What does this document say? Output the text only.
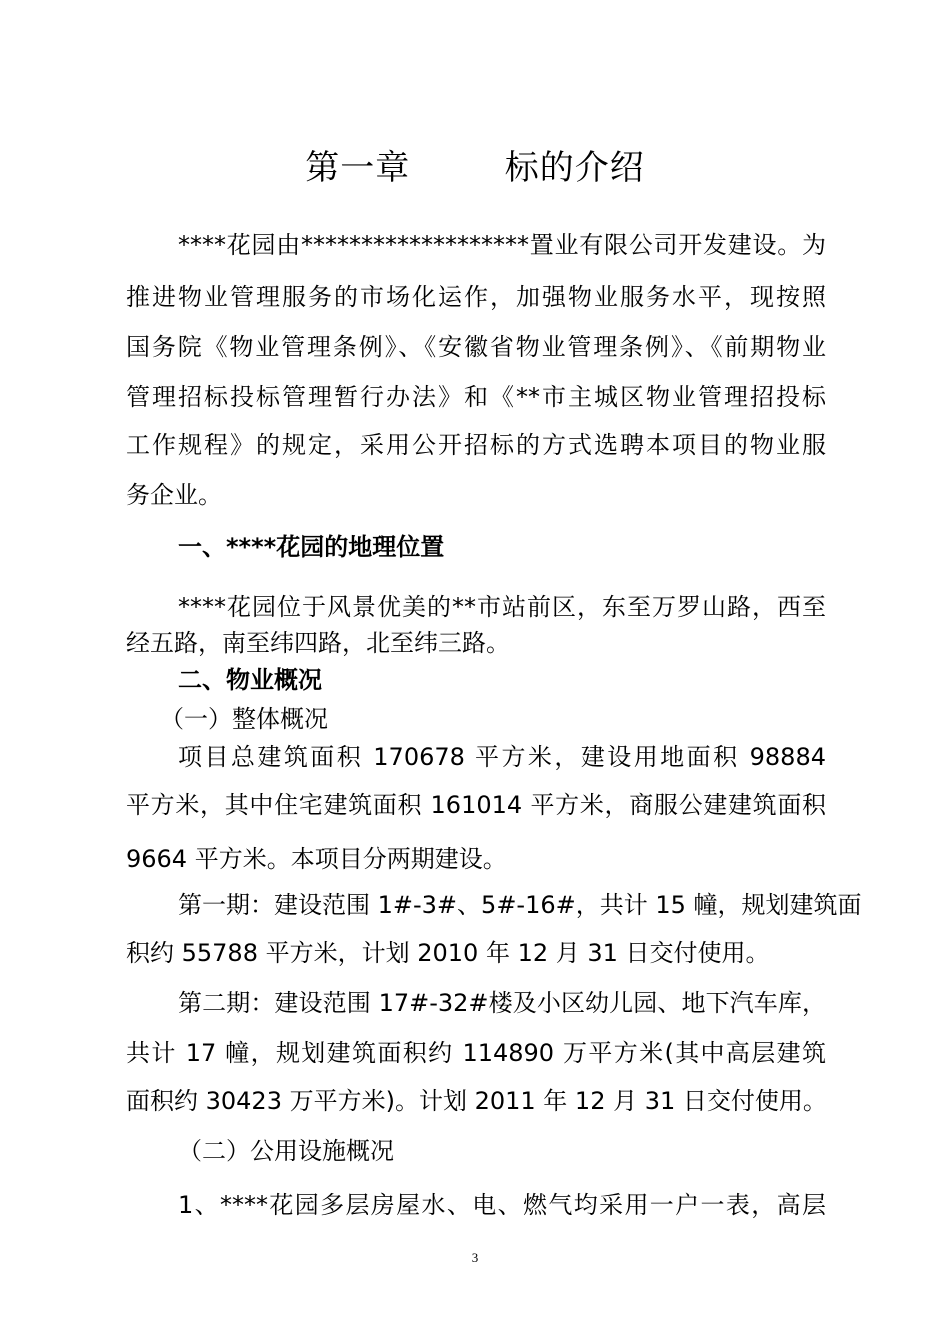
第一章        标的介绍
****花园由*******************置业有限公司开发建设。为
推进物业管理服务的市场化运作，加强物业服务水平，现按照
国务院《物业管理条例》、《安徽省物业管理条例》、《前期物业
管理招标投标管理暂行办法》和《**市主城区物业管理招投标
工作规程》的规定，采用公开招标的方式选聘本项目的物业服
务企业。
一、****花园的地理位置
****花园位于风景优美的**市站前区，东至万罗山路，西至
经五路，南至纬四路，北至纬三路。
二、物业概况
（一）整体概况
项目总建筑面积 170678 平方米，建设用地面积 98884
平方米，其中住宅建筑面积 161014 平方米，商服公建建筑面积
9664 平方米。本项目分两期建设。
第一期：建设范围 1#-3#、5#-16#，共计 15 幢，规划建筑面
积约 55788 平方米，计划 2010 年 12 月 31 日交付使用。
第二期：建设范围 17#-32#楼及小区幼儿园、地下汽车库，
共计 17 幢，规划建筑面积约 114890 万平方米(其中高层建筑
面积约 30423 万平方米)。计划 2011 年 12 月 31 日交付使用。
（二）公用设施概况
1、****花园多层房屋水、电、燃气均采用一户一表，高层
3
